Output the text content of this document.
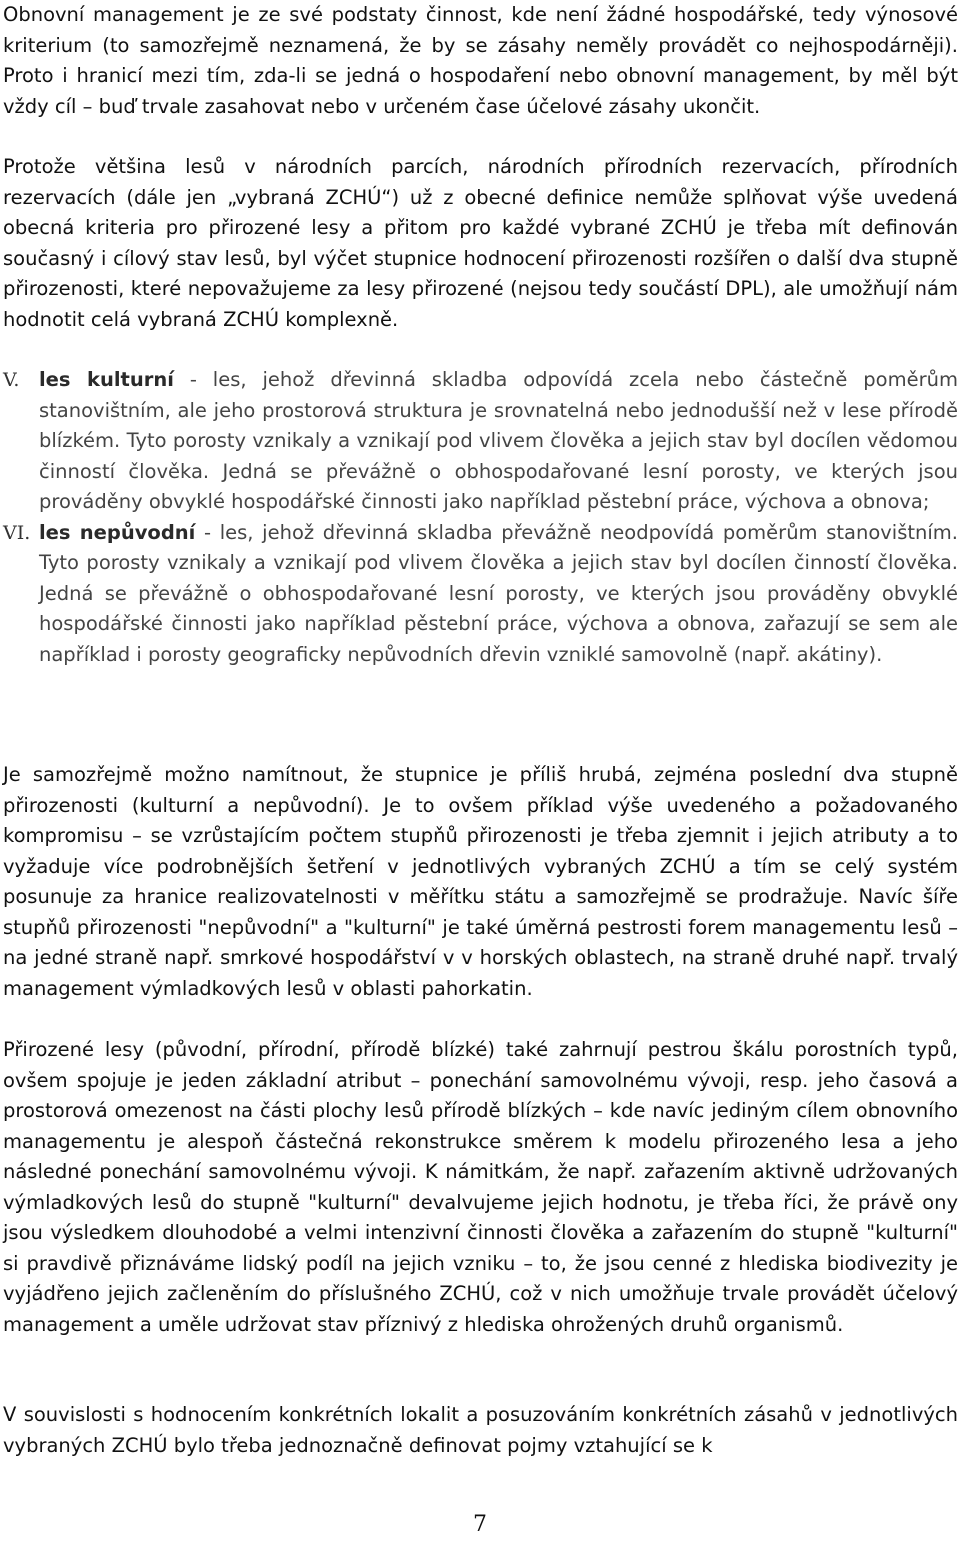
Obnovní management je ze své podstaty činnost, kde není žádné hospodářské, tedy výnosové kriterium (to samozřejmě neznamená, že by se zásahy neměly provádět co nejhospodárněji). Proto i hranicí mezi tím, zda-li se jedná o hospodaření nebo obnovní management, by měl být vždy cíl – buď trvale zasahovat nebo v určeném čase účelové zásahy ukončit.

Protože většina lesů v národních parcích, národních přírodních rezervacích, přírodních rezervacích (dále jen „vybraná ZCHÚ“) už z obecné definice nemůže splňovat výše uvedená obecná kriteria pro přirozené lesy a přitom pro každé vybrané ZCHÚ je třeba mít definován současný i cílový stav lesů, byl výčet stupnice hodnocení přirozenosti rozšířen o další dva stupně přirozenosti, které nepovažujeme za lesy přirozené (nejsou tedy součástí DPL), ale umožňují nám hodnotit celá vybraná ZCHÚ komplexně.

V. les kulturní - les, jehož dřevinná skladba odpovídá zcela nebo částečně poměrům stanovištním, ale jeho prostorová struktura je srovnatelná nebo jednodušší než v lese přírodě blízkém. Tyto porosty vznikaly a vznikají pod vlivem člověka a jejich stav byl docílen vědomou činností člověka. Jedná se převážně o obhospodařované lesní porosty, ve kterých jsou prováděny obvyklé hospodářské činnosti jako například pěstební práce, výchova a obnova;
VI. les nepůvodní - les, jehož dřevinná skladba převážně neodpovídá poměrům stanovištním. Tyto porosty vznikaly a vznikají pod vlivem člověka a jejich stav byl docílen činností člověka. Jedná se převážně o obhospodařované lesní porosty, ve kterých jsou prováděny obvyklé hospodářské činnosti jako například pěstební práce, výchova a obnova, zařazují se sem ale například i porosty geograficky nepůvodních dřevin vzniklé samovolně (např. akátiny).

Je samozřejmě možno namítnout, že stupnice je příliš hrubá, zejména poslední dva stupně přirozenosti (kulturní a nepůvodní). Je to ovšem příklad výše uvedeného a požadovaného kompromisu – se vzrůstajícím počtem stupňů přirozenosti je třeba zjemnit i jejich atributy a to vyžaduje více podrobnějších šetření v jednotlivých vybraných ZCHÚ a tím se celý systém posunuje za hranice realizovatelnosti v měřítku státu a samozřejmě se prodražuje. Navíc šíře stupňů přirozenosti "nepůvodní" a "kulturní" je také úměrná pestrosti forem managementu lesů – na jedné straně např. smrkové hospodářství v v horských oblastech, na straně druhé např. trvalý management výmladkových lesů v oblasti pahorkatin.

Přirozené lesy (původní, přírodní, přírodě blízké) také zahrnují pestrou škálu porostních typů, ovšem spojuje je jeden základní atribut – ponechání samovolnému vývoji, resp. jeho časová a prostorová omezenost na části plochy lesů přírodě blízkých – kde navíc jediným cílem obnovního managementu je alespoň částečná rekonstrukce směrem k modelu přirozeného lesa a jeho následné ponechání samovolnému vývoji. K námitkám, že např. zařazením aktivně udržovaných výmladkových lesů do stupně "kulturní" devalvujeme jejich hodnotu, je třeba říci, že právě ony jsou výsledkem dlouhodobé a velmi intenzivní činnosti člověka a zařazením do stupně "kulturní" si pravdivě přiznáváme lidský podíl na jejich vzniku – to, že jsou cenné z hlediska biodivezity je vyjádřeno jejich začleněním do příslušného ZCHÚ, což v nich umožňuje trvale provádět účelový management a uměle udržovat stav příznivý z hlediska ohrožených druhů organismů.

V souvislosti s hodnocením konkrétních lokalit a posuzováním konkrétních zásahů v jednotlivých vybraných ZCHÚ bylo třeba jednoznačně definovat pojmy vztahující se k

7
